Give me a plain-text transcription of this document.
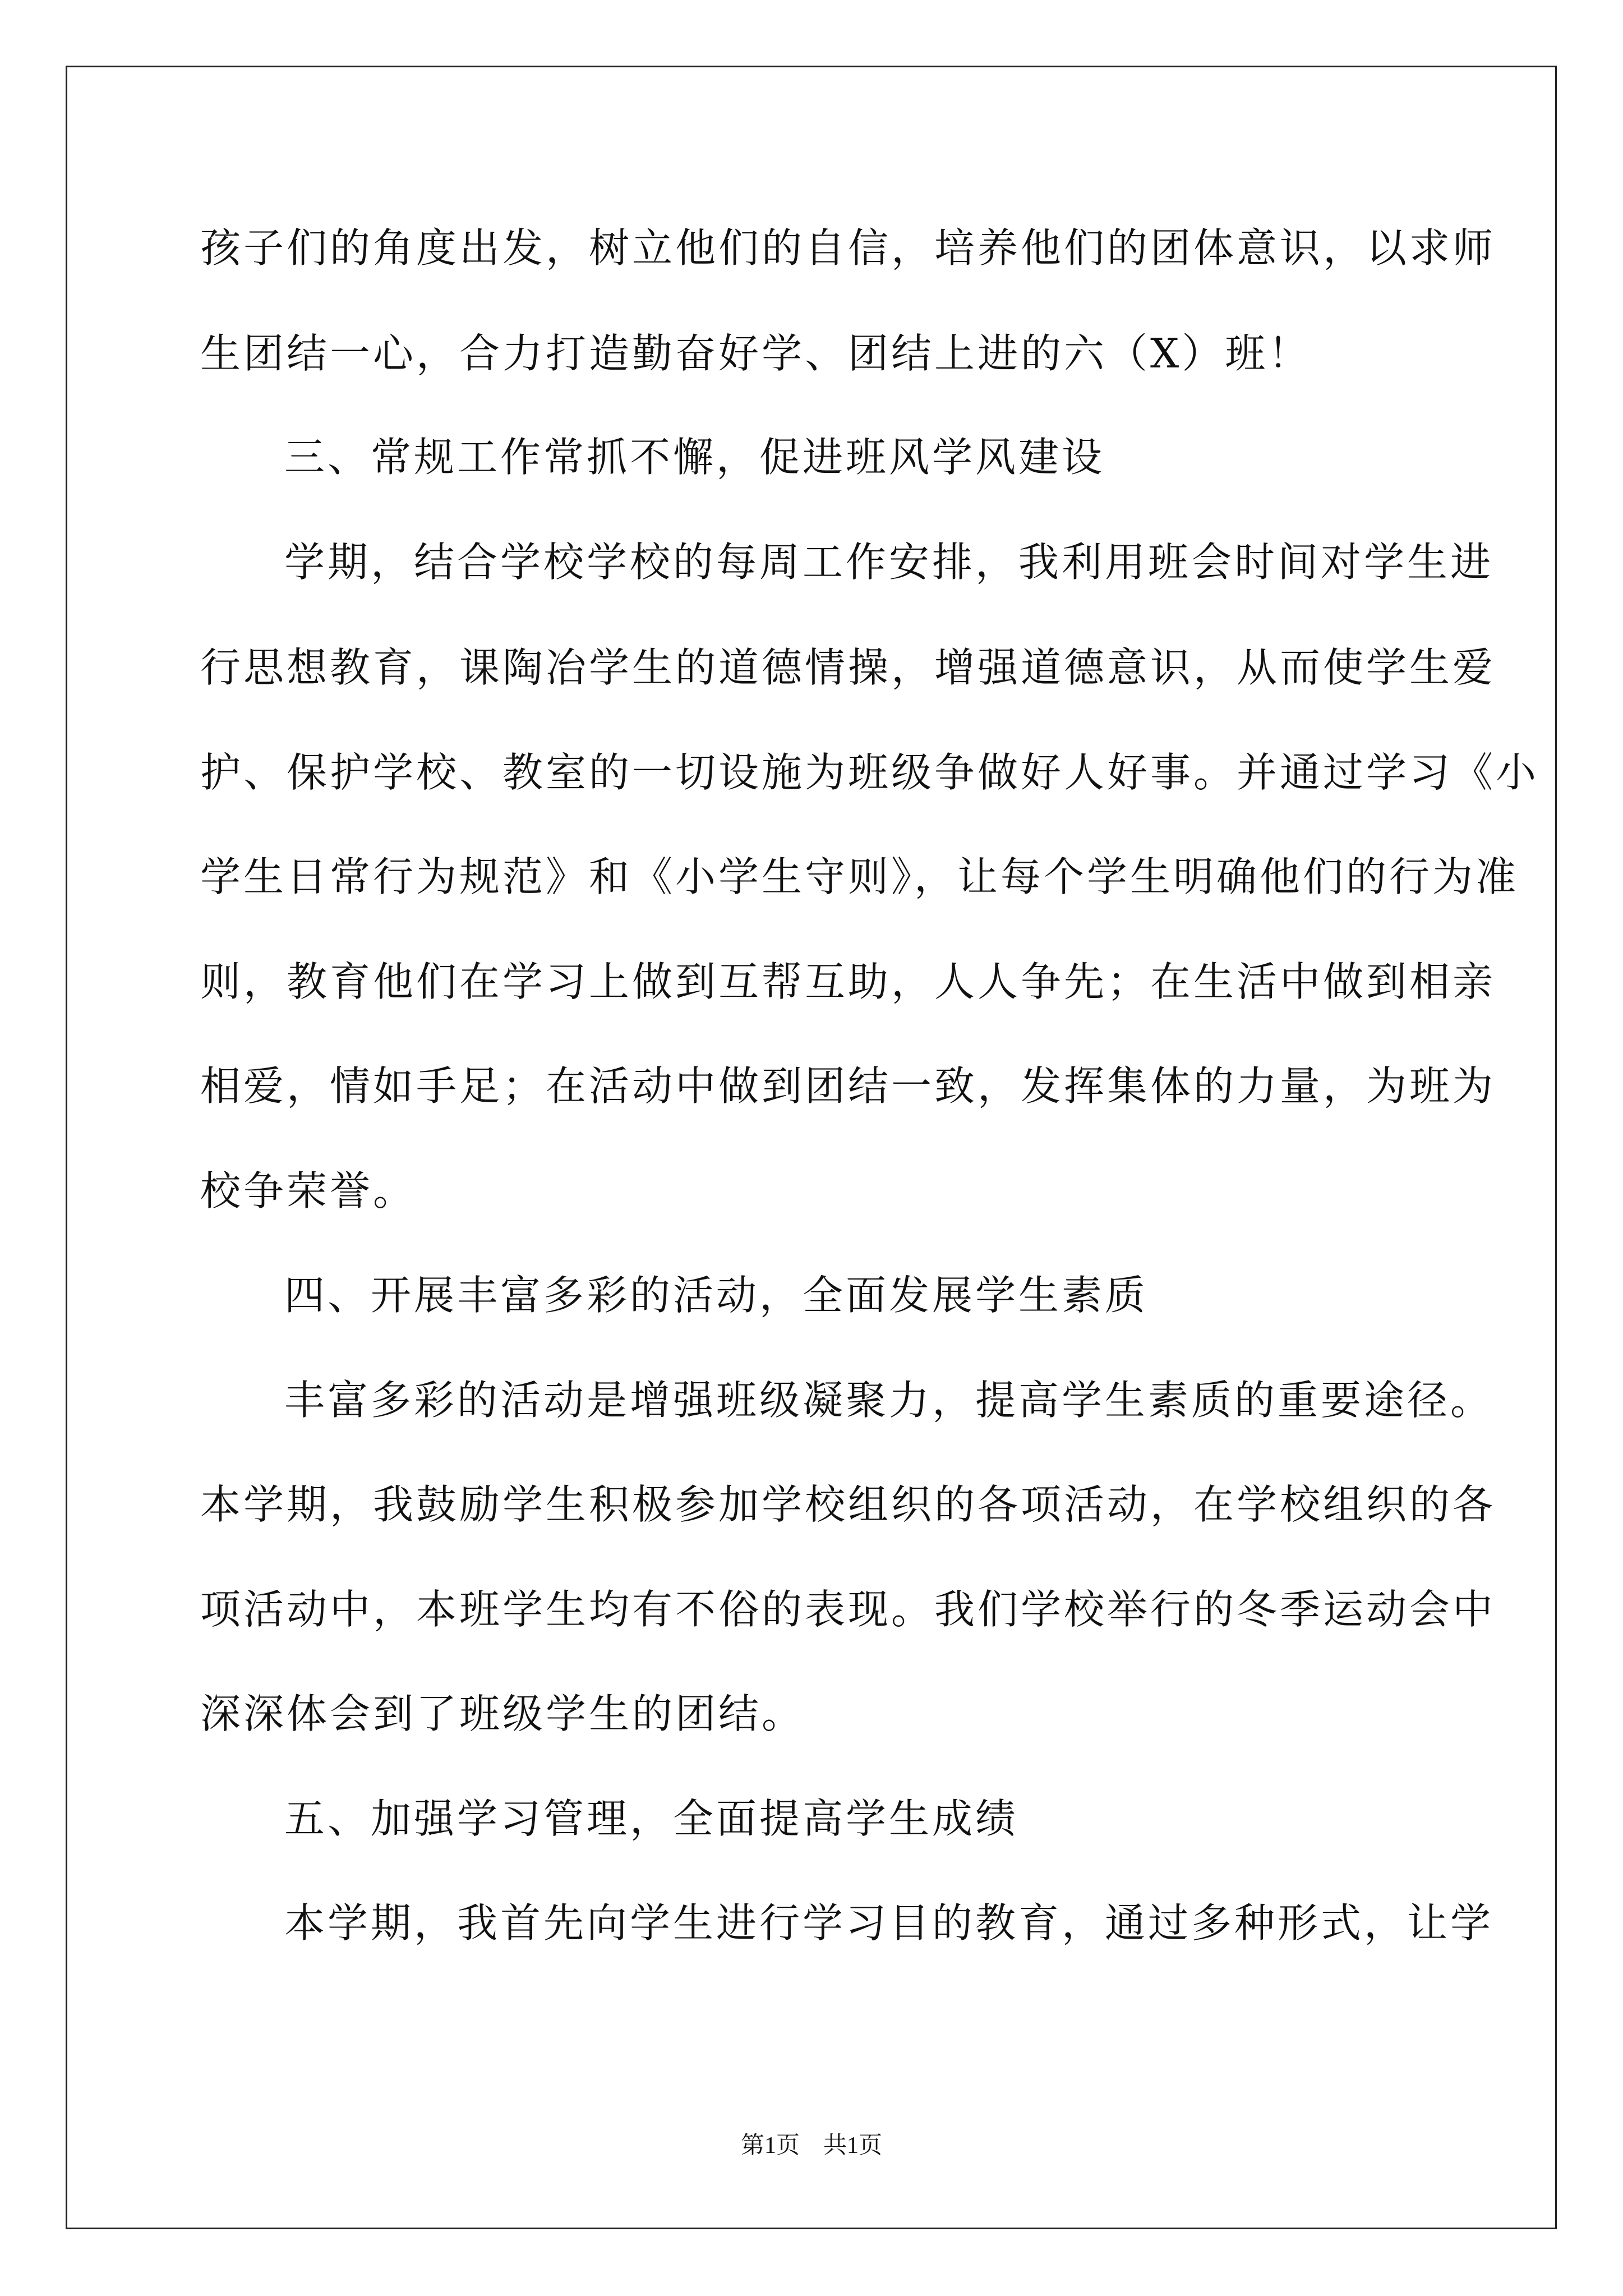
孩子们的角度出发，树立他们的自信，培养他们的团体意识，以求师
生团结一心，合力打造勤奋好学、团结上进的六（X）班！
三、常规工作常抓不懈，促进班风学风建设
学期，结合学校学校的每周工作安排，我利用班会时间对学生进
行思想教育，课陶冶学生的道德情操，增强道德意识，从而使学生爱
护、保护学校、教室的一切设施为班级争做好人好事。并通过学习《小
学生日常行为规范》和《小学生守则》，让每个学生明确他们的行为准
则，教育他们在学习上做到互帮互助，人人争先；在生活中做到相亲
相爱，情如手足；在活动中做到团结一致，发挥集体的力量，为班为
校争荣誉。
四、开展丰富多彩的活动，全面发展学生素质
丰富多彩的活动是增强班级凝聚力，提高学生素质的重要途径。
本学期，我鼓励学生积极参加学校组织的各项活动，在学校组织的各
项活动中，本班学生均有不俗的表现。我们学校举行的冬季运动会中
深深体会到了班级学生的团结。
五、加强学习管理，全面提高学生成绩
本学期，我首先向学生进行学习目的教育，通过多种形式，让学
第1页　共1页
